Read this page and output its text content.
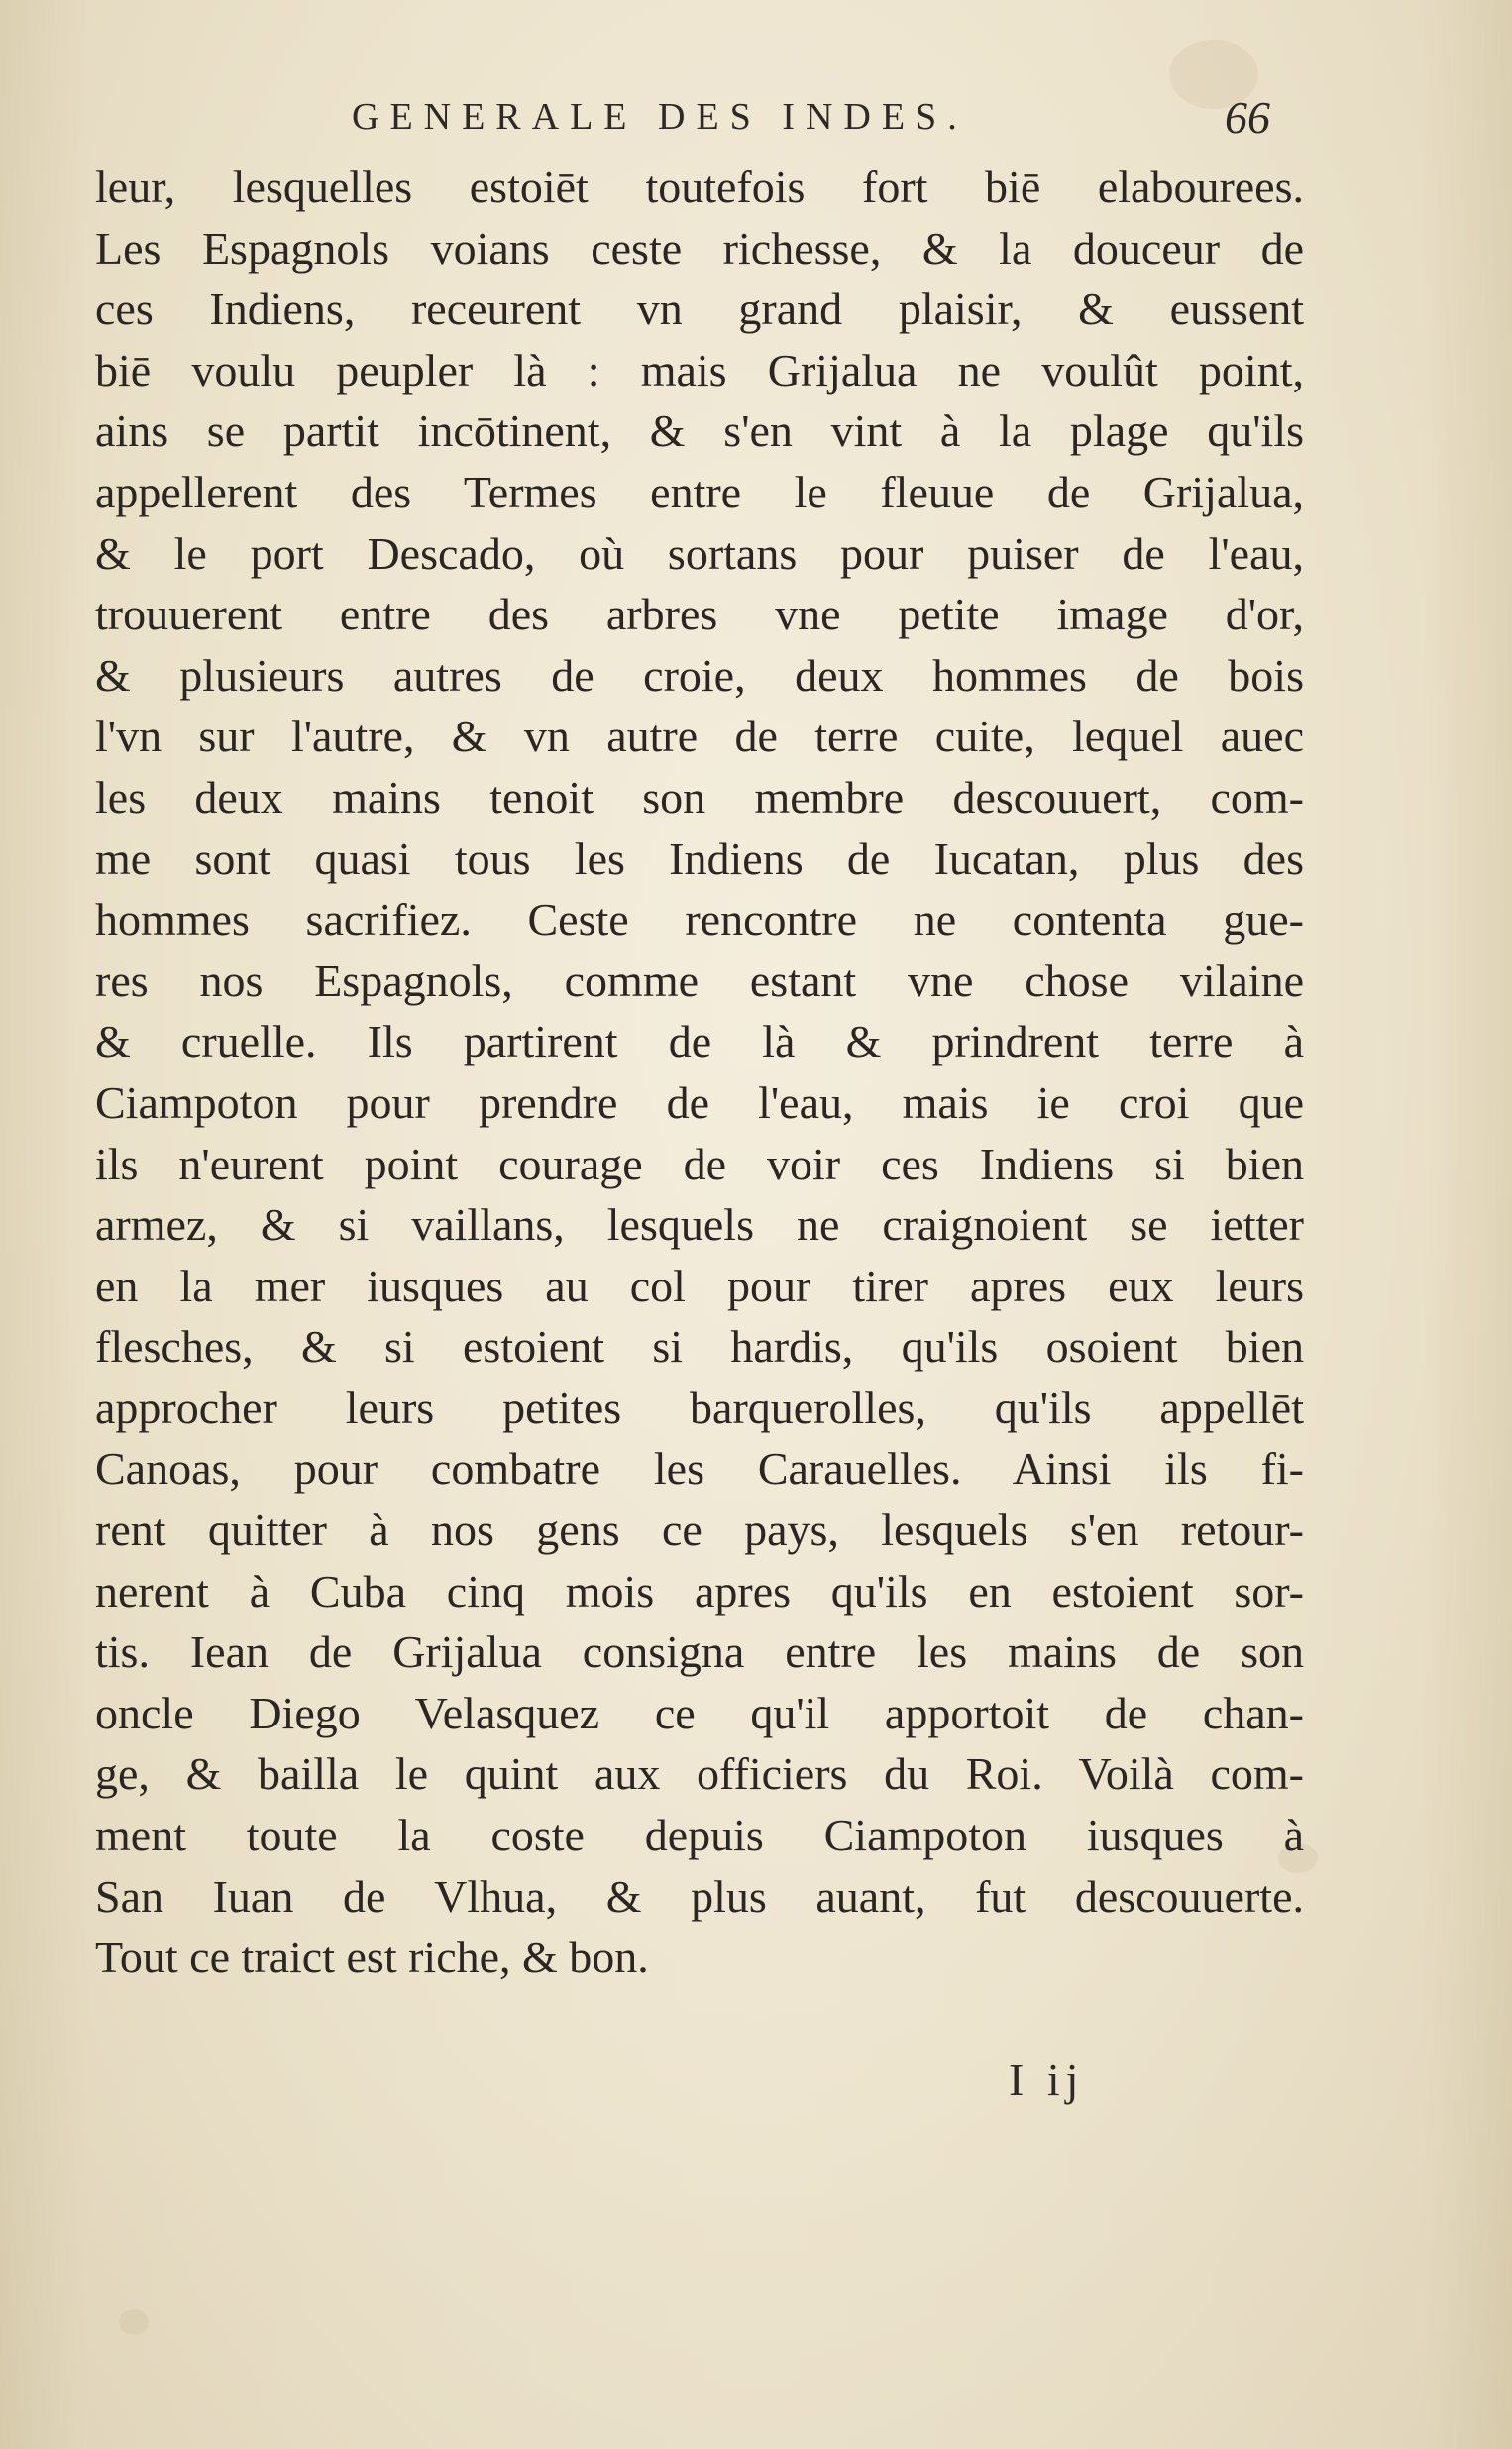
GENERALE DES INDES.	66
leur, lesquelles estoiēt toutefois fort biē elabourees.
Les Espagnols voians ceste richesse, & la douceur de
ces Indiens, receurent vn grand plaisir, & eussent
biē voulu peupler là : mais Grijalua ne voulût point,
ains se partit incōtinent, & s'en vint à la plage qu'ils
appellerent des Termes entre le fleuue de Grijalua,
& le port Descado, où sortans pour puiser de l'eau,
trouuerent entre des arbres vne petite image d'or,
& plusieurs autres de croie, deux hommes de bois
l'vn sur l'autre, & vn autre de terre cuite, lequel auec
les deux mains tenoit son membre descouuert, com-
me sont quasi tous les Indiens de Iucatan, plus des
hommes sacrifiez. Ceste rencontre ne contenta gue-
res nos Espagnols, comme estant vne chose vilaine
& cruelle. Ils partirent de là & prindrent terre à
Ciampoton pour prendre de l'eau, mais ie croi que
ils n'eurent point courage de voir ces Indiens si bien
armez, & si vaillans, lesquels ne craignoient se ietter
en la mer iusques au col pour tirer apres eux leurs
flesches, & si estoient si hardis, qu'ils osoient bien
approcher leurs petites barquerolles, qu'ils appellēt
Canoas, pour combatre les Carauelles. Ainsi ils fi-
rent quitter à nos gens ce pays, lesquels s'en retour-
nerent à Cuba cinq mois apres qu'ils en estoient sor-
tis. Iean de Grijalua consigna entre les mains de son
oncle Diego Velasquez ce qu'il apportoit de chan-
ge, & bailla le quint aux officiers du Roi. Voilà com-
ment toute la coste depuis Ciampoton iusques à
San Iuan de Vlhua, & plus auant, fut descouuerte.
Tout ce traict est riche, & bon.
I ij
